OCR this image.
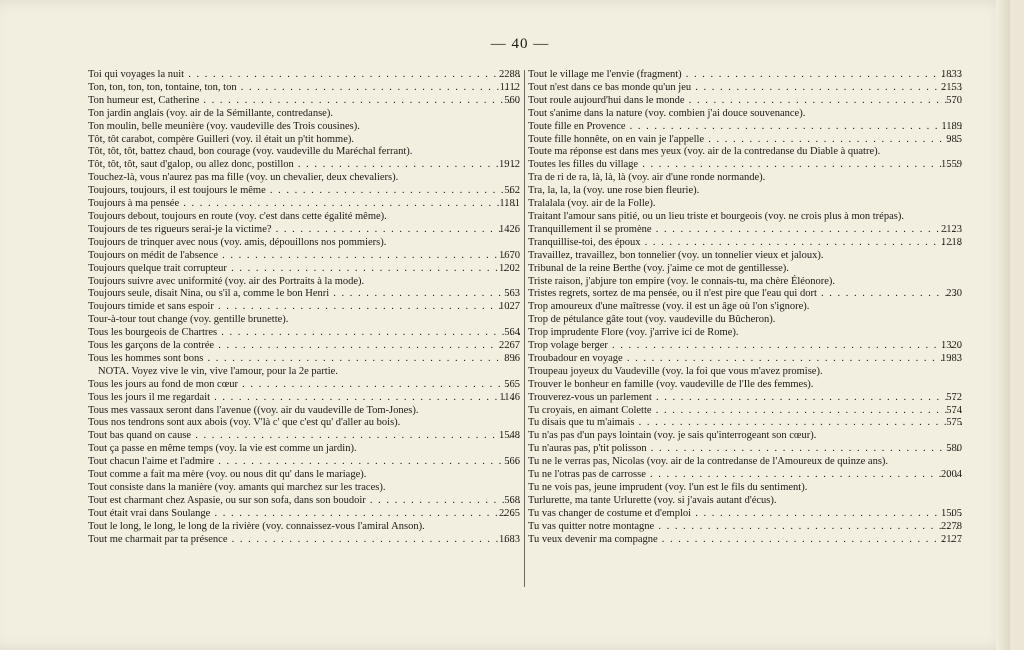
— 40 —
Toi qui voyages la nuit . . .	2288
Ton, ton, ton, ton, tontaine, ton, ton . . .	1112
Ton humeur est, Catherine . . .	560
Ton jardin anglais (voy. air de la Sémillante, contredanse).
Ton moulin, belle meunière (voy. vaudeville des Trois cousines).
Tôt, tôt carabot, compère Guilleri (voy. il était un p'tit homme).
Tôt, tôt, tôt, battez chaud, bon courage (voy. vaudeville du Maréchal ferrant).
Tôt, tôt, tôt, saut d'galop, ou allez donc, postillon . . .	1912
Touchez-là, vous n'aurez pas ma fille (voy. un chevalier, deux chevaliers).
Toujours, toujours, il est toujours le même . . .	562
Toujours à ma pensée . . .	1181
Toujours debout, toujours en route (voy. c'est dans cette égalité même).
Toujours de tes rigueurs serai-je la victime? . . .	1426
Toujours de trinquer avec nous (voy. amis, dépouillons nos pommiers).
Toujours on médit de l'absence . . .	1670
Toujours quelque trait corrupteur . . .	1202
Toujours suivre avec uniformité (voy. air des Portraits à la mode).
Toujours seule, disait Nina, ou s'il a, comme le bon Henri . . .	563
Toujours timide et sans espoir . . .	1027
Tour-à-tour tout change (voy. gentille brunette).
Tous les bourgeois de Chartres . . .	564
Tous les garçons de la contrée . . .	2267
Tous les hommes sont bons . . .	896
NOTA. Voyez vive le vin, vive l'amour, pour la 2e partie.
Tous les jours au fond de mon cœur . . .	565
Tous les jours il me regardait . . .	1146
Tous mes vassaux seront dans l'avenue ((voy. air du vaudeville de Tom-Jones).
Tous nos tendrons sont aux abois (voy. V'là c' que c'est qu' d'aller au bois).
Tout bas quand on cause . . .	1548
Tout ça passe en même temps (voy. la vie est comme un jardin).
Tout chacun l'aime et l'admire . . .	566
Tout comme a fait ma mère (voy. ou nous dit qu' dans le mariage).
Tout consiste dans la manière (voy. amants qui marchez sur les traces).
Tout est charmant chez Aspasie, ou sur son sofa, dans son boudoir . . .	568
Tout était vrai dans Soulange . . .	2265
Tout le long, le long, le long de la rivière (voy. connaissez-vous l'amiral Anson).
Tout me charmait par ta présence . . .	1683
Tout le village me l'envie (fragment) . . .	1833
Tout n'est dans ce bas monde qu'un jeu . . .	2153
Tout roule aujourd'hui dans le monde . . .	570
Tout s'anime dans la nature (voy. combien j'ai douce souvenance).
Toute fille en Provence . . .	1189
Toute fille honnête, on en vain je l'appelle . . .	985
Toute ma réponse est dans mes yeux (voy. air de la contredanse du Diable à quatre).
Toutes les filles du village . . .	1559
Tra de ri de ra, là, là, là (voy. air d'une ronde normande).
Tra, la, la, la (voy. une rose bien fleurie).
Tralalala (voy. air de la Folle).
Traitant l'amour sans pitié, ou un lieu triste et bourgeois (voy. ne crois plus à mon trépas).
Tranquillement il se promène . . .	2123
Tranquillise-toi, des époux . . .	1218
Travaillez, travaillez, bon tonnelier (voy. un tonnelier vieux et jaloux).
Tribunal de la reine Berthe (voy. j'aime ce mot de gentillesse).
Triste raison, j'abjure ton empire (voy. le connais-tu, ma chère Éléonore).
Tristes regrets, sortez de ma pensée, ou il n'est pire que l'eau qui dort . . .	230
Trop amoureux d'une maîtresse (voy. il est un âge où l'on s'ignore).
Trop de pétulance gâte tout (voy. vaudeville du Bûcheron).
Trop imprudente Flore (voy. j'arrive ici de Rome).
Trop volage berger . . .	1320
Troubadour en voyage . . .	1983
Troupeau joyeux du Vaudeville (voy. la foi que vous m'avez promise).
Trouver le bonheur en famille (voy. vaudeville de l'Ile des femmes).
Trouverez-vous un parlement . . .	572
Tu croyais, en aimant Colette . . .	574
Tu disais que tu m'aimais . . .	575
Tu n'as pas d'un pays lointain (voy. je sais qu'interrogeant son cœur).
Tu n'auras pas, p'tit polisson . . .	580
Tu ne le verras pas, Nicolas (voy. air de la contredanse de l'Amoureux de quinze ans).
Tu ne l'otras pas de carrosse . . .	2004
Tu ne vois pas, jeune imprudent (voy. l'un est le fils du sentiment).
Turlurette, ma tante Urlurette (voy. si j'avais autant d'écus).
Tu vas changer de costume et d'emploi . . .	1505
Tu vas quitter notre montagne . . .	2278
Tu veux devenir ma compagne . . .	2127
